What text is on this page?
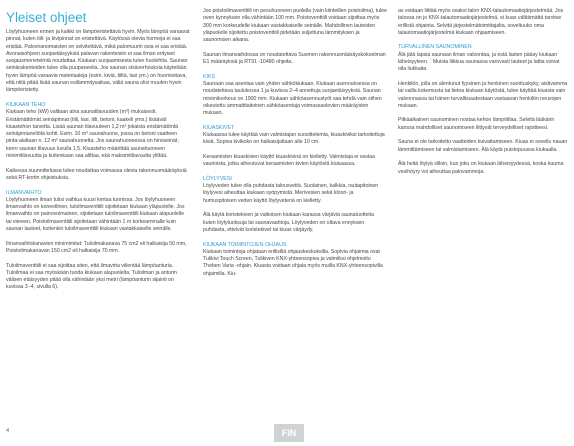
Yleiset ohjeet

Löylyhuoneen ennen ja kaikki on lämpöeristettävä hyvin. Myös lämpöä varaavat pinnat, kuten tiili- ja kivipinnat on eristettävä. Käytössä olevia hormeja ei saa eristää. Paloviranomaisten on selvitettävä, mikä palomuurin osia ei saa eristää. Avonaisohjeen suojaetäisyyksiä palavan rakenteisiin ei saa ilman erityiset suojausmenetelmiä noudattaa. Kiukaan suojaamisesta tulee huolehtia. Saunan seinärakenteiden tulee olla puupaneelia. Jos saunan sisäverhouksia käytetään hyvin lämpöä varaavia materiaaleja (esim. kiviä, tiiltä, lasi ym.) on huomioitava, että niitä pitää lisää saunan esilämmitysaikaa, väliä sauna olisi muuten hyvin lämpöeristetty.

KIUKAAN TEHO

Kiukaan teho (kW) valitaan aina saunatilavuuden (m³) mukaisesti. Eristämättömät seinäpinnat (tiili, lasi, tiili, betoni, kaakeli yms.) lisäävät kiuastehon tarvetta. Lisää saunan tilavuuteen 1,2 m³ jokaista eristämätöntä seinäpintaneliötä kohti. Esim. 10 m³ saunahuone, jossa on betoni vaatteen pinta-alaltaan n. 12 m² saunahuonetta. Jos saunahuoneessa on hirsiseinät, kerro saunan tilavuus luvulla 1,5. Kiuasteho määrittää saunahuoneen minimitilavuutta ja kuitenkaan saa alittaa, ekä maksimitilavuutta ylittää.

Kaikessa suunnittelussa tulee noudattaa voimassa olevia rakennusmääräyksiä sekä RT-kortin ohjeistuksia.

ILMANVAIHTO

Löylyhuoneen ilman tulisi vaihtua kuusi kertaa tunnissa. Jos löylyhuoneen ilmanvaihto on koneellinen, tuloilmaventtiili sijoitetaan kiukaan yläpuolelle. Jos ilmanvaihto on painovoimainen, sijoitetaan tuloilmaventtiili kiukaan alapuolelle tai viereen. Poistoilmaventtiili sijoitetaan vähintään 1 m korkeammalle kuin saunan lauteet, kuitenkin tuloilmaventtiili kiukaan vastakkaiselle seinälle.

Ilmanvaihtokanavien minimimitat: Tuloilmakanava 75 cm2 eli halkaisija 50 mm, Poistoilmakanavan 150 cm2 eli halkaisija 70 mm.

Tuloilmaventtiili ei saa sijoittaa siten, että ilmavirta viilentää lämpöanturia. Tuloilmaa ei saa myöskään tuoda kiukaan alapuolelta. Tuloilman ja anturin välisen etäisyyden pitää olla vähintään yksi metri (lämpöanturin sijainti on kuvissa 3 -4, sivulla 6).

Jos poistoilmaventtiili on pesuhuoneen puolella (vain kiinteillen poistoilma), tulee oven kynnyksen olla vähintään 100 mm. Poistoventtiili voidaan sijoittaa myös 300 mm korkeudelle kiukaan vastakkaiselle seinälle. Mahdollinen lauteiden yläpuolelle sijoitettu poistoventtiili pidetään suljettuna lämmityksen ja saunomisen aikana.

Saunan ilmanvaihdossa on noudatettava Suomen rakennusmääräyskokoelman E1 määräyksiä ja RT91 -10480 ohjeita.

KIKS

Saunaan saa asentaa vain yhden sähkökiukaan. Kiukaan asennuksessa on noudatettava taulukossa 1 ja kuvissa 2–4 annettuja suojaetäisyyksiä. Saunan minimikorkeus on 1900 mm. Kiukaan sähköasennustyöt saa tehdä vain siihen oikeutettu ammattitaitoinen sähköasentaja voimassaolevien määräysten mukaan.

KIUASKIVET

Kiukaassa tulee käyttää vain valmistajan suosittelemia, kiuaskiviksi tarkoitettuja kiviä. Sopiva kivikoko on halkaisijaltaan alle 10 cm.

Keraamisten kiuaskivien käyttö kiuaskivinä on kielletty. Valmistaja ei vastaa vaurioista, jotka aiheutuvat keraamisten kivien käytöstä kiukaassa.

LÖYLYVESI

Löylyveden tulee olla puhdasta talousvettä. Suolainen, kalkkia, rautapitoinen löylyvesi aiheuttaa kiukaan syöpymistä. Merivesien sekä kloori- ja humuspitoisen veden käyttö löylyvetenä on kielletty.

Älä käytä koristekiven ja valkoisen kiukaan karassa värjäviä saunatuotteita kuten löylytuoksuja tai saunavaahtoja. Löylyveden on oltava ennyksen puhdasta, etteivät koristekivet tai kiuas värjäydy.

KIUKAAN TOIMINTOJEN OHJAUS

Kiukaan toimintoja ohjataan erillisillä ohjauskeskuksilla. Sopivia ohjaimia ovat Tulikivi Touch Screen, Tulikiven KNX-yhteensopiva ja valmiiksi ohjelmoitu Theben Varia -ohjain. Kiuasta voidaan ohjata myös muilla KNX-yhteensopivilla ohjaimilla. Kiu-

as voidaan liittää myös osaksi talon KNX-talautomaatiojärjestelmää. Jos talossa on jo KNX-talautomaatiojärjestelmä, ei kuas välttämättä tarvitse erillistä ohjainta. Selvitä järjestelmätoimittajalta, soveltuuko oma talautomaatiojärjestelmä kiukaan ohjaamiseen.

TURVALLINEN SAUNOMINEN

Älä jätä lapsia saunaan ilman valvontaa, ja estä lasten pääsy kiukaan läheisyyteen. ` Muista liikkua saunassa varovasti lauteet ja lattia voivat olla liukkaita.

Henkilön, jolla on alentunut fyysinen ja henkinen suorituskyky, aistivamma tai vailla kokemusta tai tietoa kiukaan käytöstä, tulee käyttää kiuasta vain valvonnassa tai hänen turvallisuudestaan vastaavan henkilön neuvojen mukaan.

Pitkäaikainen saunominen nostaa kehon lämpötilaa. Selvitä lääkärin kanssa mahdolliset saunomiseen liittyvät terveydelliset rajoitteesi.

Sauna ei ole tarkoitettu vaatteiden kuivattamiseen. Kiuas ei sovellu nauan lämmittämiseen tai valmistamiseen. Älä käytä puistopuussa kiukaalla.

Älä heitä löylyä silloin, kun joku on kiukaan läheisyydessä, koska kuuma vesihöyry voi aiheuttaa palovammoja.

4	FIN
